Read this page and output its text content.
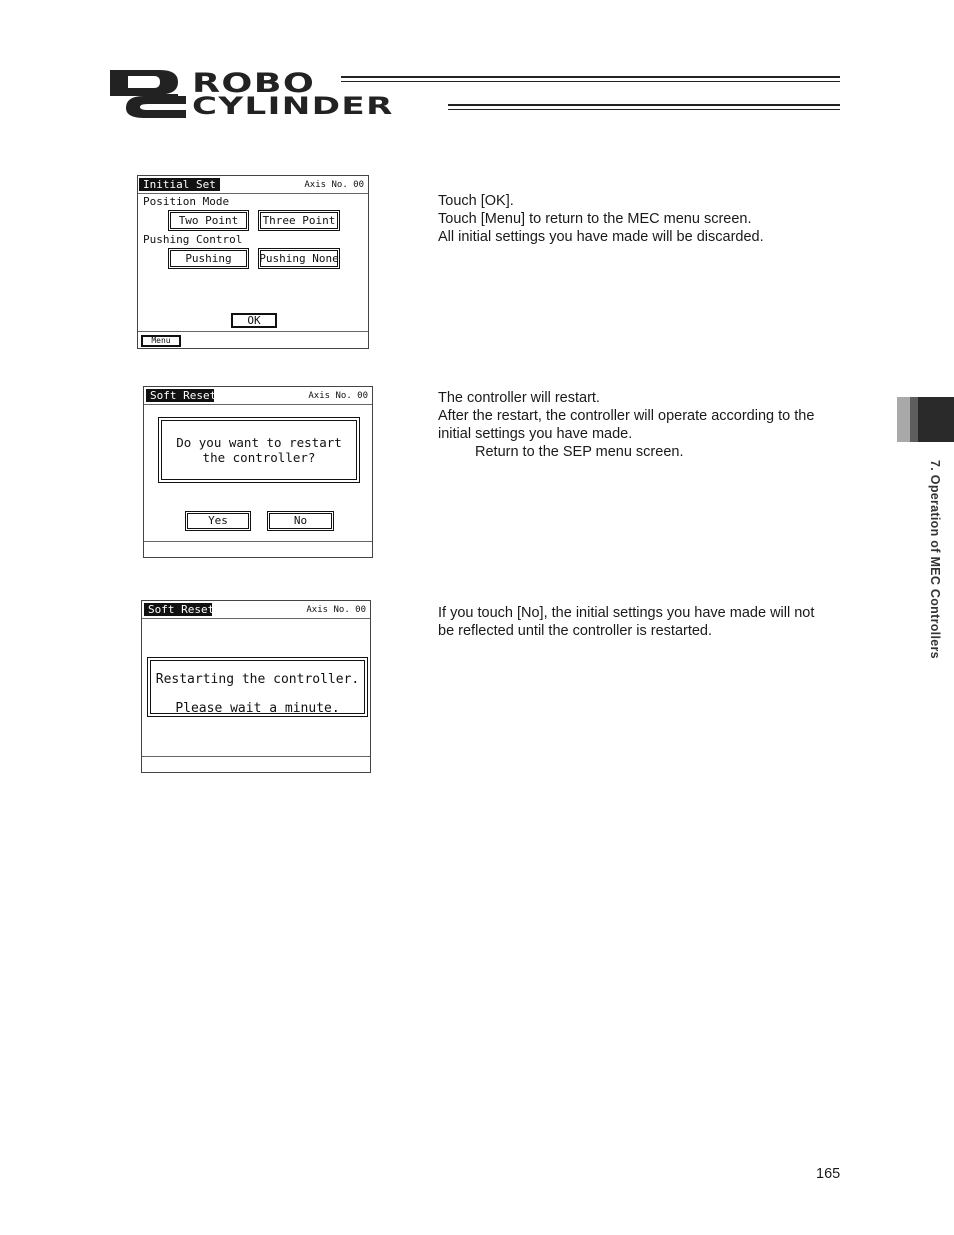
ROBO
CYLINDER
Initial Set	Axis No. 00
Position Mode
Two Point	Three Point
Pushing Control
Pushing	Pushing None
OK
Menu
Touch [OK].
Touch [Menu] to return to the MEC menu screen.
All initial settings you have made will be discarded.
Soft Reset	Axis No. 00
Do you want to restart
the controller?
Yes	No
The controller will restart.
After the restart, the controller will operate according to the
initial settings you have made.
Return to the SEP menu screen.
Soft Reset	Axis No. 00
Restarting the controller.
Please wait a minute.
If you touch [No], the initial settings you have made will not
be reflected until the controller is restarted.	7. Operation of MEC Controllers
165
